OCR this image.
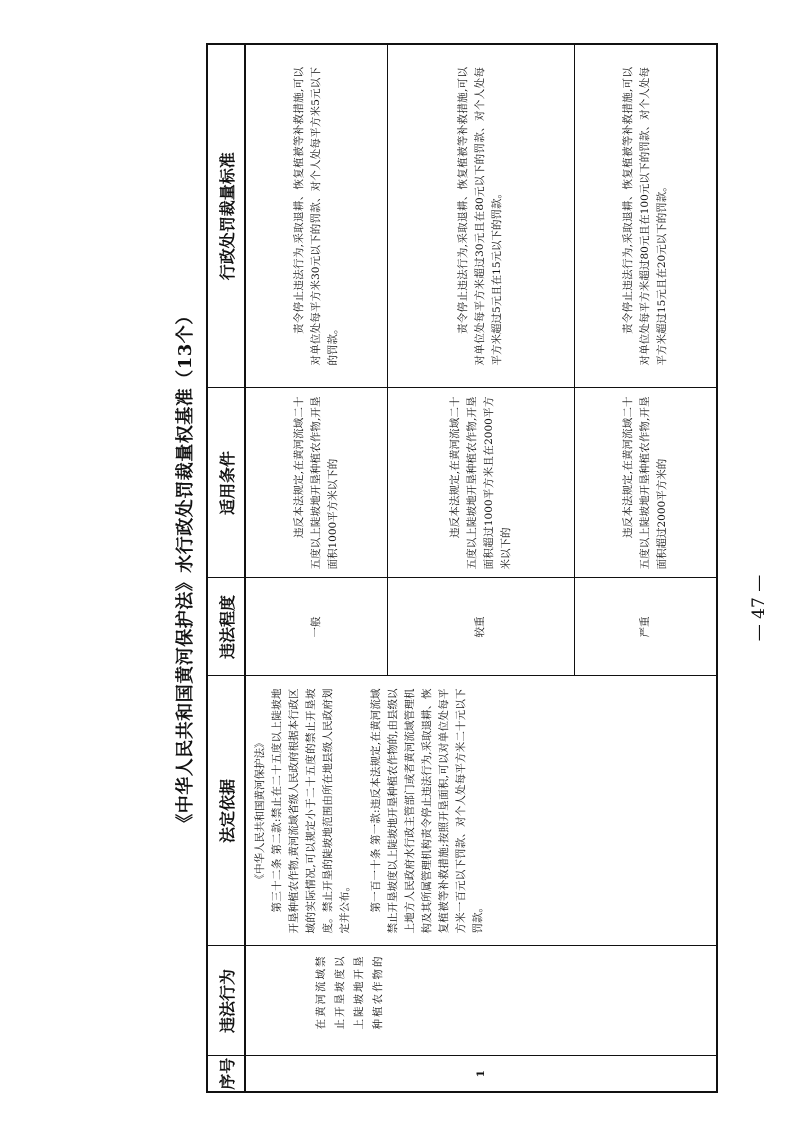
《中华人民共和国黄河保护法》水行政处罚裁量权基准（13个）
序号	违法行为	法定依据	违法程度	适用条件	行政处罚裁量标准
1	在黄河流域禁止开垦坡度以上陡坡地开垦种植农作物的	《中华人民共和国黄河保护法》 第三十二条 第二款:禁止在二十五度以上陡坡地开垦种植农作物,黄河流域省级人民政府根据本行政区域的实际情况,可以规定小于二十五度的禁止开垦坡度。禁止开垦的陡坡地范围由所在地县级人民政府划定并公布。 第一百一十条 第一款:违反本法规定,在黄河流域禁止开垦坡度以上陡坡地开垦种植农作物的,由县级以上地方人民政府水行政主管部门或者黄河流域管理机构及其所属管理机构责令停止违法行为,采取退耕、恢复植被等补救措施;按照开垦面积,可以对单位处每平方米一百元以下罚款、对个人处每平方米二十元以下罚款。	一般	违反本法规定,在黄河流域二十五度以上陡坡地开垦种植农作物,开垦面积1000平方米以下的	责令停止违法行为,采取退耕、恢复植被等补救措施,可以对单位处每平方米30元以下的罚款、对个人处每平方米5元以下的罚款。

			较重	违反本法规定,在黄河流域二十五度以上陡坡地开垦种植农作物,开垦面积超过1000平方米且在2000平方米以下的	责令停止违法行为,采取退耕、恢复植被等补救措施,可以对单位处每平方米超过30元且在80元以下的罚款、对个人处每平方米超过5元且在15元以下的罚款。

			严重	违反本法规定,在黄河流域二十五度以上陡坡地开垦种植农作物,开垦面积超过2000平方米的	责令停止违法行为,采取退耕、恢复植被等补救措施,可以对单位处每平方米超过80元且在100元以下的罚款、对个人处每平方米超过15元且在20元以下的罚款。

— 47 —
